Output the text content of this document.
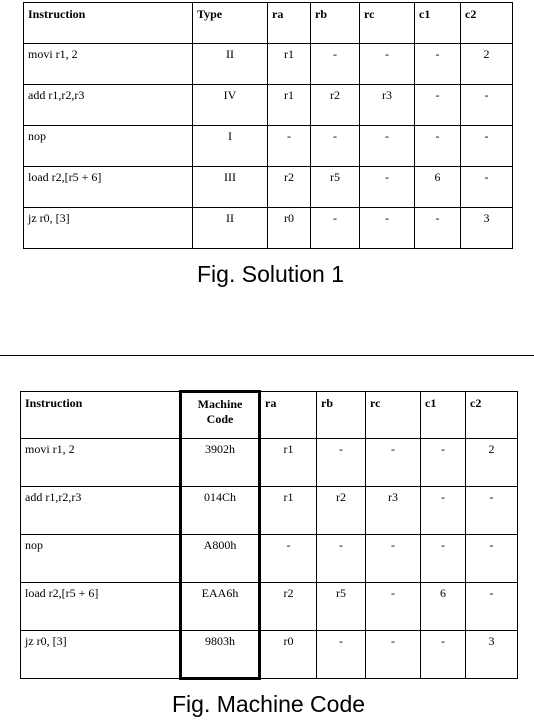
Instruction	Type	ra	rb	rc	c1	c2
movi r1, 2	II	r1	-	-	-	2
add r1,r2,r3	IV	r1	r2	r3	-	-
nop	I	-	-	-	-	-
load r2,[r5 + 6]	III	r2	r5	-	6	-
jz r0, [3]	II	r0	-	-	-	3
Fig. Solution 1
Instruction	Machine Code	ra	rb	rc	c1	c2
movi r1, 2	3902h	r1	-	-	-	2
add r1,r2,r3	014Ch	r1	r2	r3	-	-
nop	A800h	-	-	-	-	-
load r2,[r5 + 6]	EAA6h	r2	r5	-	6	-
jz r0, [3]	9803h	r0	-	-	-	3
Fig. Machine Code
